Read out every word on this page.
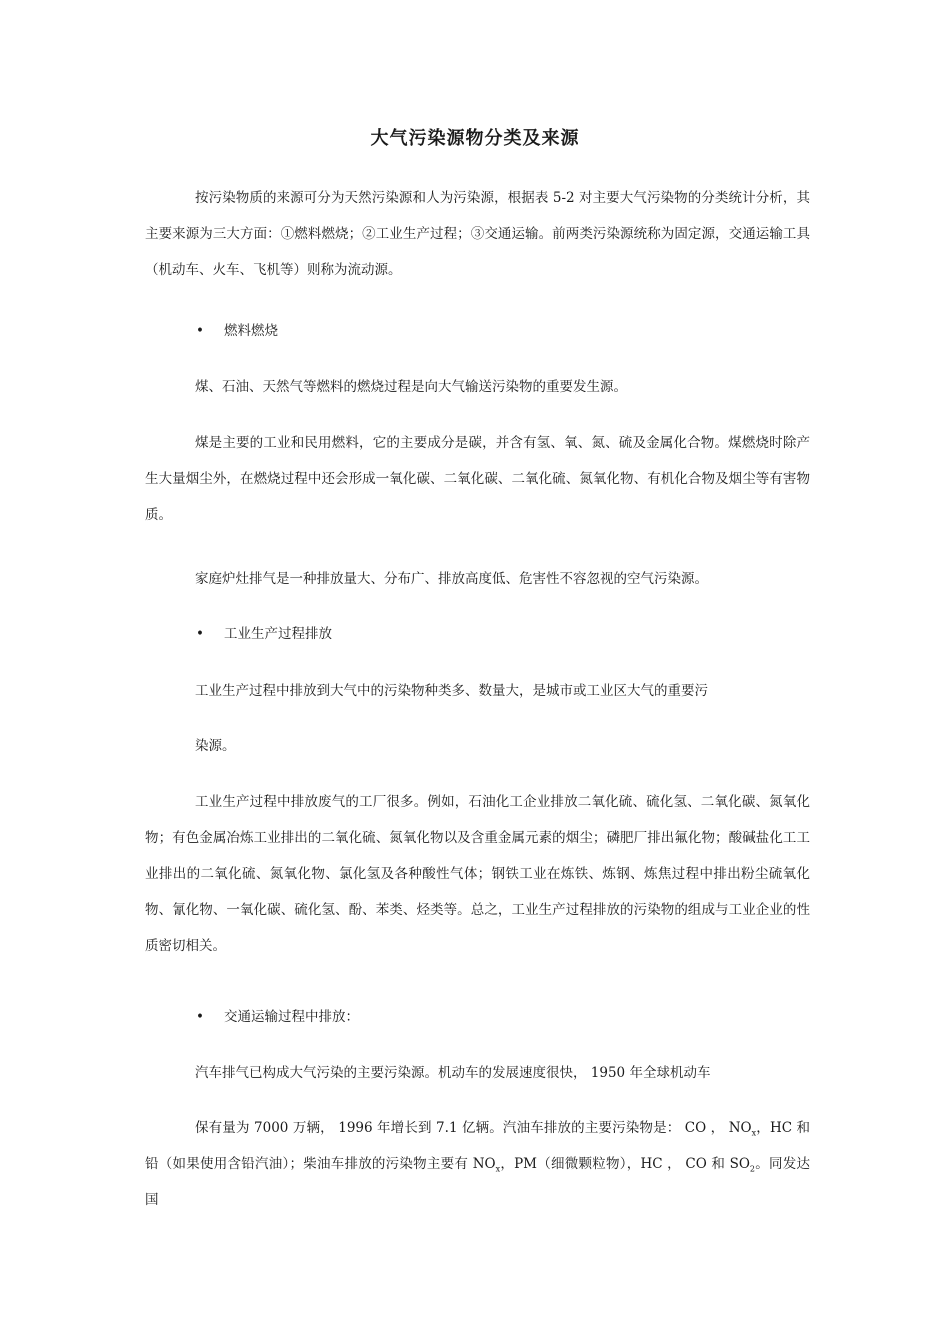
大气污染源物分类及来源

按污染物质的来源可分为天然污染源和人为污染源，根据表 5-2 对主要大气污染物的分类统计分析，其主要来源为三大方面：①燃料燃烧；②工业生产过程；③交通运输。前两类污染源统称为固定源，交通运输工具（机动车、火车、飞机等）则称为流动源。

•	燃料燃烧
煤、石油、天然气等燃料的燃烧过程是向大气输送污染物的重要发生源。

煤是主要的工业和民用燃料，它的主要成分是碳，并含有氢、氧、氮、硫及金属化合物。煤燃烧时除产生大量烟尘外，在燃烧过程中还会形成一氧化碳、二氧化碳、二氧化硫、氮氧化物、有机化合物及烟尘等有害物质。

家庭炉灶排气是一种排放量大、分布广、排放高度低、危害性不容忽视的空气污染源。
•	工业生产过程排放
工业生产过程中排放到大气中的污染物种类多、数量大，是城市或工业区大气的重要污
染源。

工业生产过程中排放废气的工厂很多。例如，石油化工企业排放二氧化硫、硫化氢、二氧化碳、氮氧化物；有色金属冶炼工业排出的二氧化硫、氮氧化物以及含重金属元素的烟尘；磷肥厂排出氟化物；酸碱盐化工工业排出的二氧化硫、氮氧化物、氯化氢及各种酸性气体；钢铁工业在炼铁、炼钢、炼焦过程中排出粉尘硫氧化物、氰化物、一氧化碳、硫化氢、酚、苯类、烃类等。总之，工业生产过程排放的污染物的组成与工业企业的性质密切相关。

•	交通运输过程中排放：
汽车排气已构成大气污染的主要污染源。机动车的发展速度很快， 1950 年全球机动车

保有量为 7000 万辆， 1996 年增长到 7.1 亿辆。汽油车排放的主要污染物是： CO ， $NO_x$，HC 和铅（如果使用含铅汽油）；柴油车排放的污染物主要有 $NO_x$，PM（细微颗粒物），HC ， CO 和 $SO_2$。同发达国
